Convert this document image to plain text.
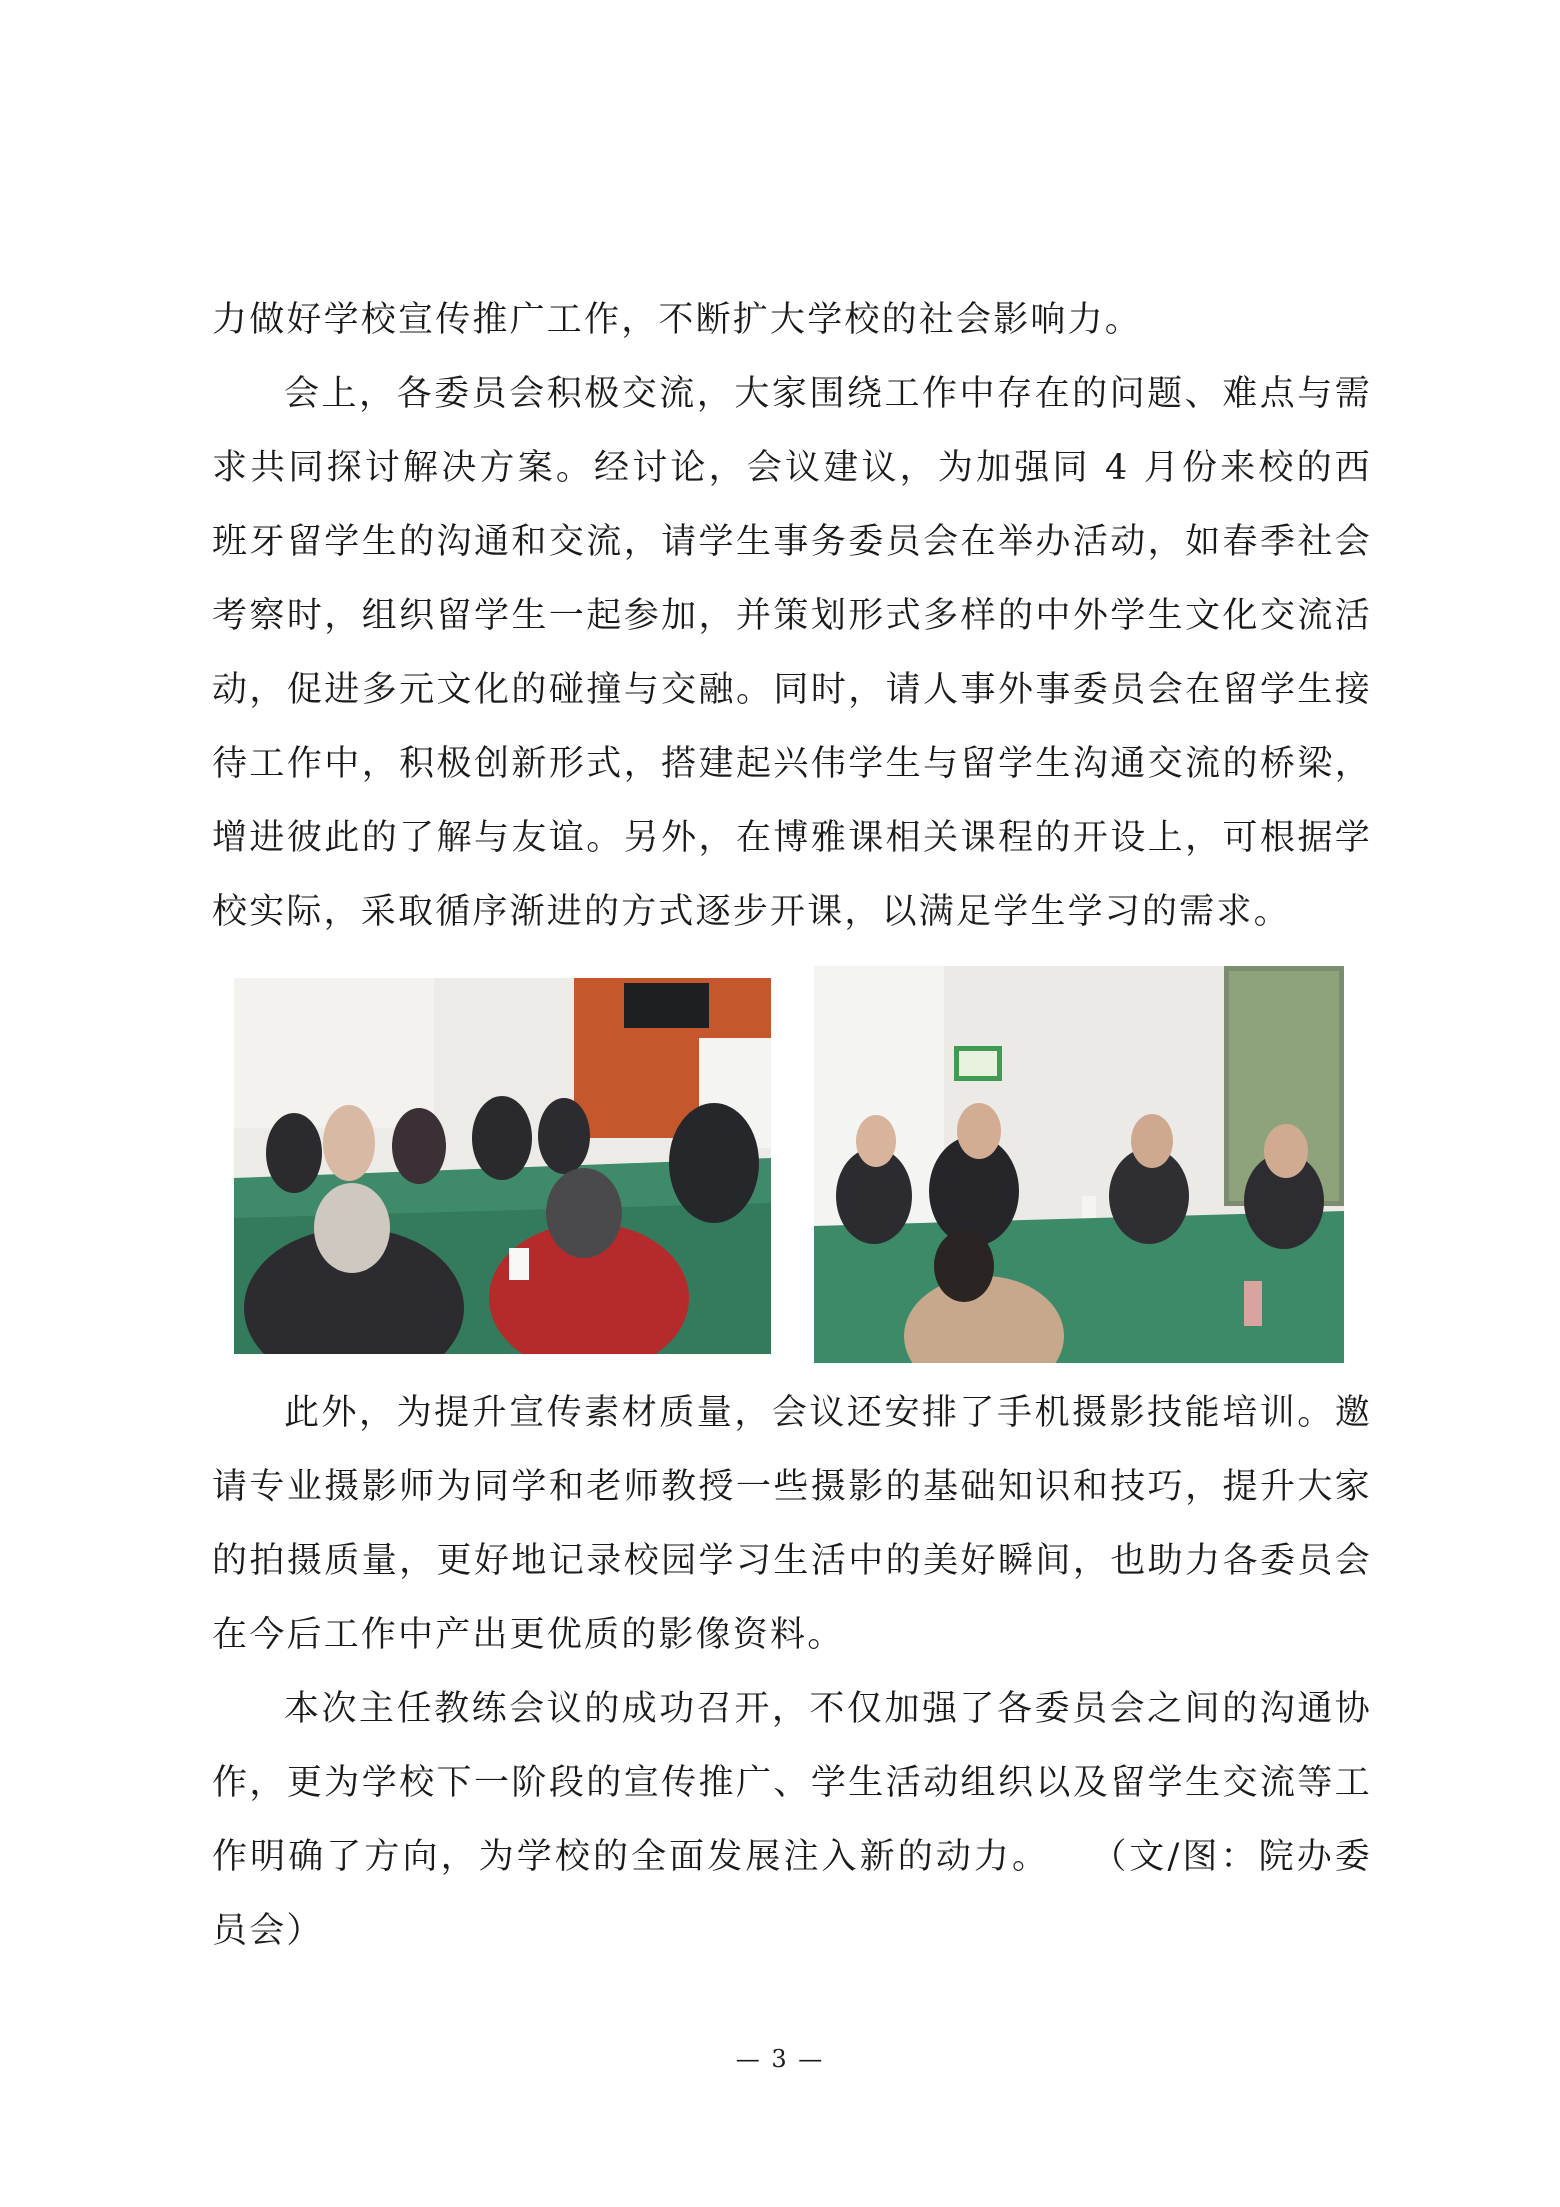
力做好学校宣传推广工作，不断扩大学校的社会影响力。

会上，各委员会积极交流，大家围绕工作中存在的问题、难点与需求共同探讨解决方案。经讨论，会议建议，为加强同 4 月份来校的西班牙留学生的沟通和交流，请学生事务委员会在举办活动，如春季社会考察时，组织留学生一起参加，并策划形式多样的中外学生文化交流活动，促进多元文化的碰撞与交融。同时，请人事外事委员会在留学生接待工作中，积极创新形式，搭建起兴伟学生与留学生沟通交流的桥梁，增进彼此的了解与友谊。另外，在博雅课相关课程的开设上，可根据学校实际，采取循序渐进的方式逐步开课，以满足学生学习的需求。

此外，为提升宣传素材质量，会议还安排了手机摄影技能培训。邀请专业摄影师为同学和老师教授一些摄影的基础知识和技巧，提升大家的拍摄质量，更好地记录校园学习生活中的美好瞬间，也助力各委员会在今后工作中产出更优质的影像资料。

本次主任教练会议的成功召开，不仅加强了各委员会之间的沟通协作，更为学校下一阶段的宣传推广、学生活动组织以及留学生交流等工作明确了方向，为学校的全面发展注入新的动力。　　（文/图：院办委员会）

— 3 —
